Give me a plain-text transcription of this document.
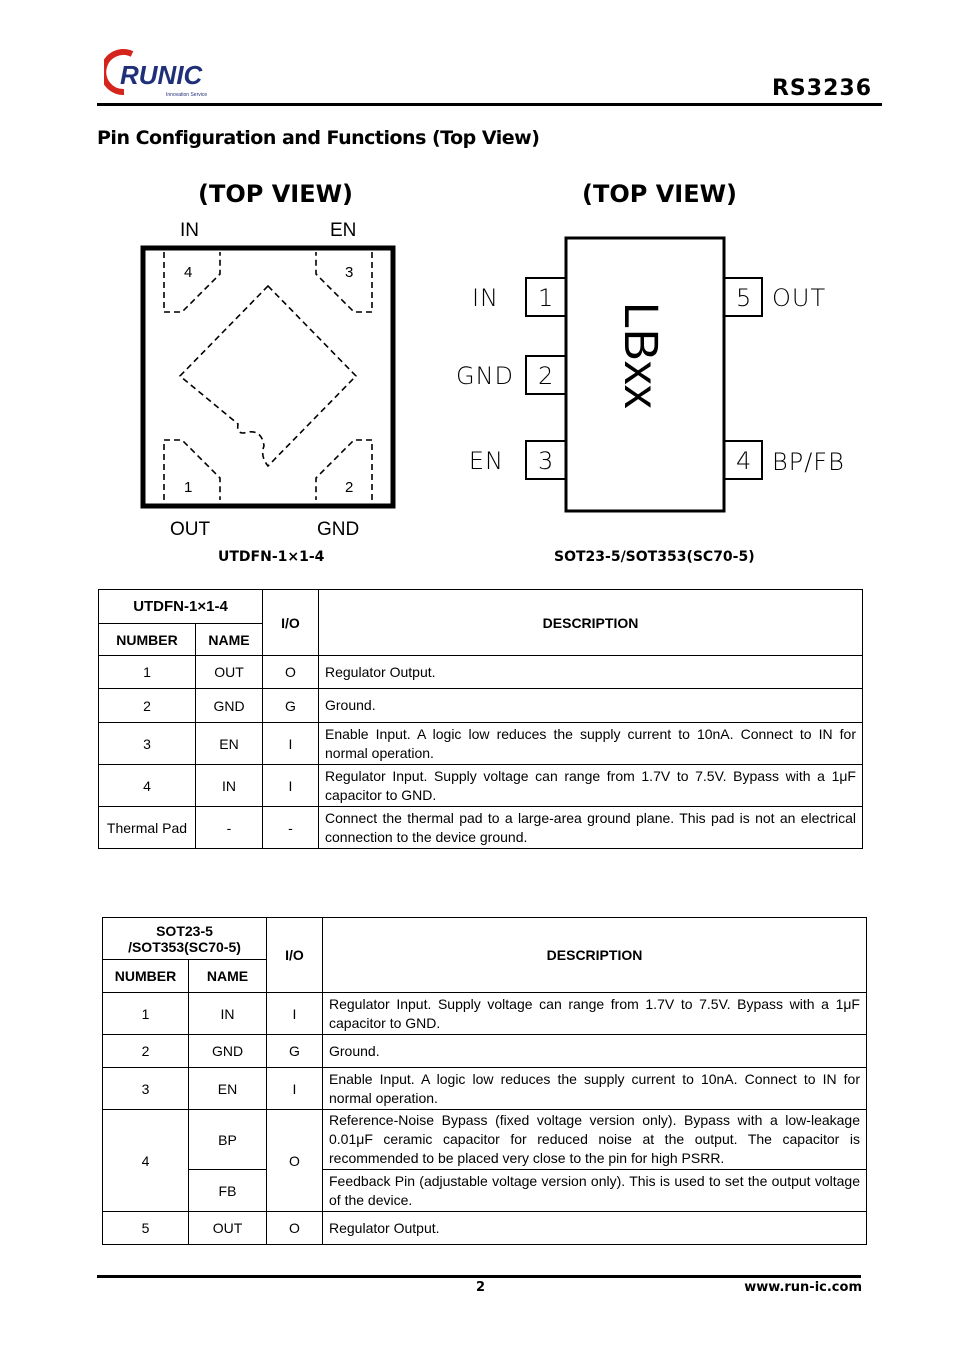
RUNIC
Innovation Service	RS3236
Pin Configuration and Functions (Top View)
(TOP VIEW)	(TOP VIEW)
IN	EN
OUT	GND
4	3
1	2
1
2
3
5
4
IN
GND
EN
OUT
BP/FB
LBxx
UTDFN-1×1-4	SOT23-5/SOT353(SC70-5)
UTDFN-1×1-4		I/O	DESCRIPTION
NUMBER	NAME		
1	OUT	O	Regulator Output.
2	GND	G	Ground.
3	EN	I	Enable Input. A logic low reduces the supply current to 10nA. Connect to IN for normal operation.
4	IN	I	Regulator Input. Supply voltage can range from 1.7V to 7.5V. Bypass with a 1μF capacitor to GND.
Thermal Pad	-	-	Connect the thermal pad to a large-area ground plane. This pad is not an electrical connection to the device ground.
SOT23-5
/SOT353(SC70-5)		I/O	DESCRIPTION
NUMBER	NAME		
1	IN	I	Regulator Input. Supply voltage can range from 1.7V to 7.5V. Bypass with a 1μF capacitor to GND.
2	GND	G	Ground.
3	EN	I	Enable Input. A logic low reduces the supply current to 10nA. Connect to IN for normal operation.
4	BP	O	Reference-Noise Bypass (fixed voltage version only). Bypass with a low-leakage 0.01μF ceramic capacitor for reduced noise at the output. The capacitor is recommended to be placed very close to the pin for high PSRR.
	FB		Feedback Pin (adjustable voltage version only). This is used to set the output voltage of the device.
5	OUT	O	Regulator Output.
2	www.run-ic.com
